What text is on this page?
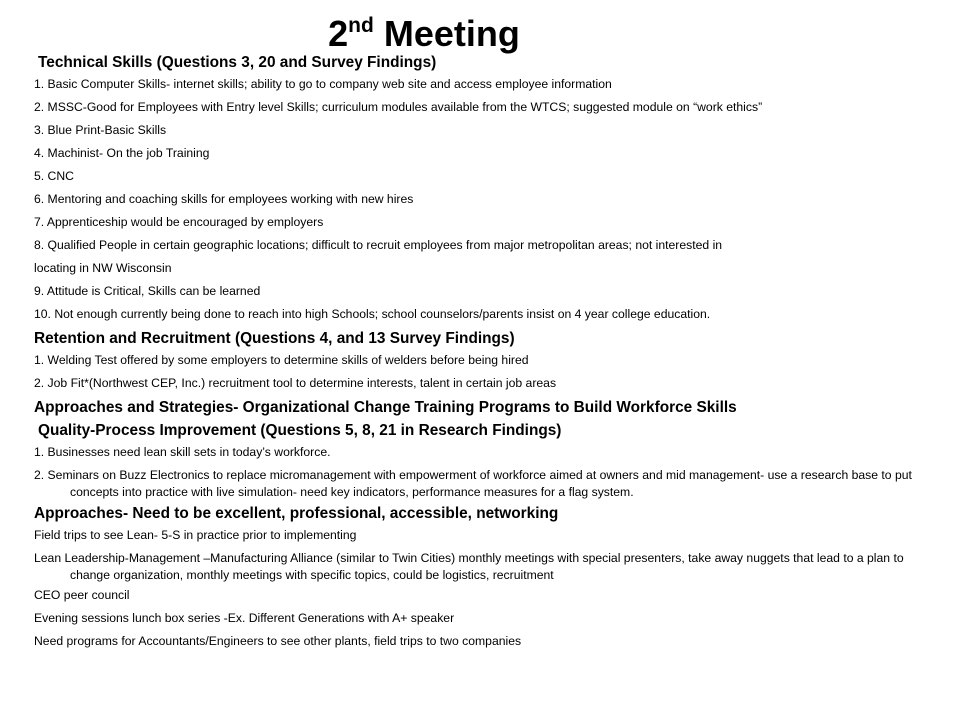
2nd Meeting
Technical Skills (Questions 3, 20 and Survey Findings)
1. Basic Computer Skills- internet skills; ability to go to company web site and access employee information
2. MSSC-Good for Employees with Entry level Skills; curriculum modules available from the WTCS; suggested module on “work ethics”
3. Blue Print-Basic Skills
4. Machinist- On the job Training
5. CNC
6. Mentoring and coaching skills for employees working with new hires
7. Apprenticeship would be encouraged by employers
8. Qualified People in certain geographic locations; difficult to recruit employees from major metropolitan areas; not interested in
locating in NW Wisconsin
9. Attitude is Critical, Skills can be learned
10. Not enough currently being done to reach into high Schools; school counselors/parents insist on 4 year college education.
Retention and Recruitment (Questions 4, and 13 Survey Findings)
1. Welding Test offered by some employers to determine skills of welders before being hired
2. Job Fit*(Northwest CEP, Inc.) recruitment tool to determine interests, talent in certain job areas
Approaches and Strategies- Organizational Change Training Programs to Build Workforce Skills
Quality-Process Improvement (Questions 5, 8, 21 in Research Findings)
1. Businesses need lean skill sets in today’s workforce.
2. Seminars on Buzz Electronics to replace micromanagement with empowerment of workforce aimed at owners and mid management- use a research base to put concepts into practice with live simulation- need key indicators, performance measures for a flag system.
Approaches- Need to be excellent, professional, accessible, networking
Field trips to see Lean- 5-S in practice prior to implementing
Lean Leadership-Management –Manufacturing Alliance (similar to Twin Cities) monthly meetings with special presenters, take away nuggets that lead to a plan to change organization, monthly meetings with specific topics, could be logistics, recruitment
CEO peer council
Evening sessions lunch box series -Ex. Different Generations with A+ speaker
Need programs for Accountants/Engineers to see other plants, field trips to two companies
